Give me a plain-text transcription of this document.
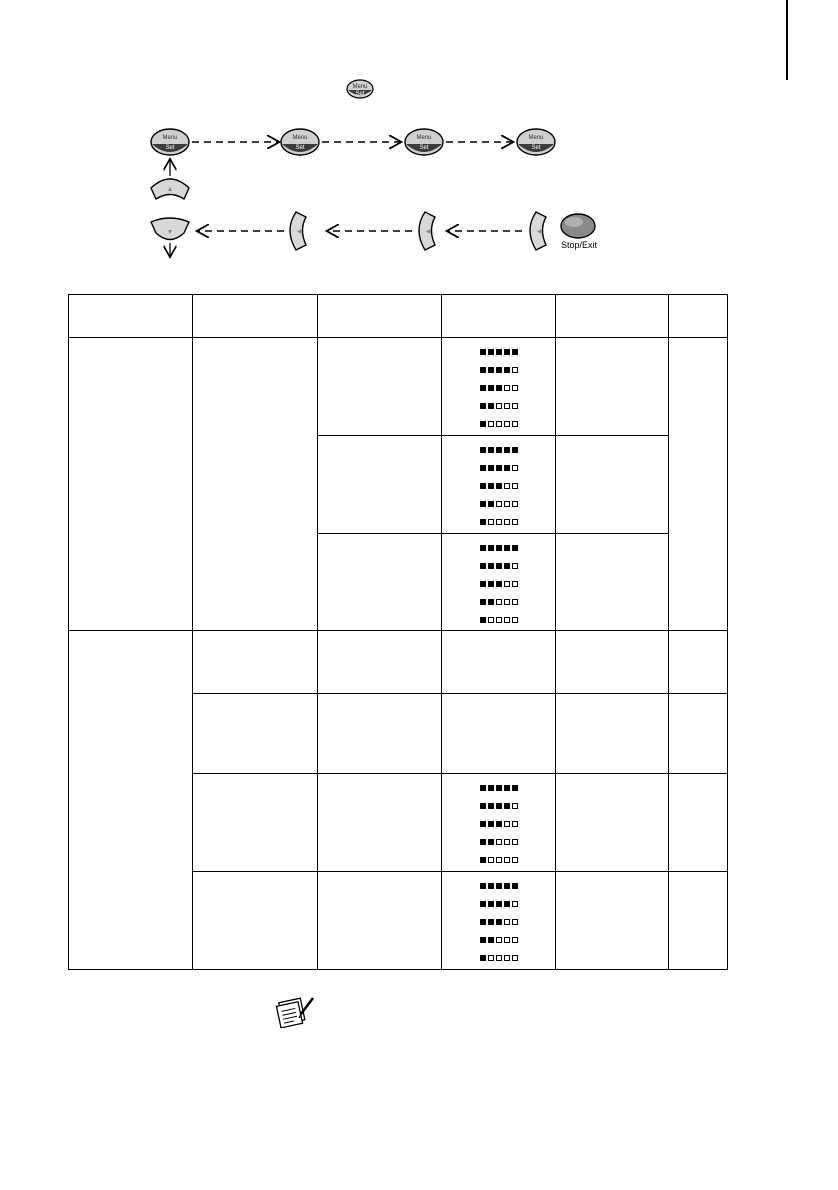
Menu
Set
Menu
Set
Menu
Set
Menu
Set
Menu
Set
▲
▼	◀	◀	◀
Stop/Exit
